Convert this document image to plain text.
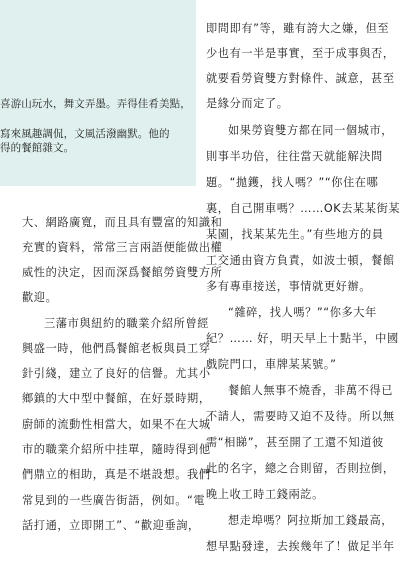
喜游山玩水，舞文弄墨。弄得佳肴美點，
寫來風趣調侃，文風活潑幽默。他的
得的餐館雜文。
大、網路廣寬，而且具有豐富的知識和
充實的資料，常常三言兩語便能做出權
威性的決定，因而深爲餐館勞資雙方所
歡迎。
三藩市與紐約的職業介紹所曾經
興盛一時，他們爲餐館老板與員工穿
針引綫，建立了良好的信譽。尤其小
鄉鎮的大中型中餐館，在好景時期，
廚師的流動性相當大，如果不在大城
市的職業介紹所中挂單，隨時得到他
們鼎立的相助，真是不堪設想。我們
常見到的一些廣告街語，例如。“電
話打通，立即開工”、“歡迎垂詢，
即問即有”等，雖有誇大之嫌，但至
少也有一半是事實，至于成事與否，
就要看勞資雙方對條件、誠意，甚至
是緣分而定了。
如果勞資雙方都在同一個城市，
則事半功倍，往往當天就能解決問
題。“拋鑊，找人嗎？”“你住在哪
裏，自己開車嗎？……OK去某某街某
某園，找某某先生。”有些地方的員
工交通由資方負責，如波士頓，餐館
多有專車接送，事情就更好辦。
“雜碎，找人嗎？”“你多大年
紀？…… 好，明天早上十點半，中國
戲院門口，車牌某某號。”
餐館人無事不燒香，非萬不得已
不請人，需要時又迫不及待。所以無
需“相睇”，甚至開了工還不知道彼
此的名字，總之合則留，否則拉倒，
晚上收工時工錢兩訖。
想走埠嗎？阿拉斯加工錢最高，
想早點發達，去挨幾年了！做足半年
